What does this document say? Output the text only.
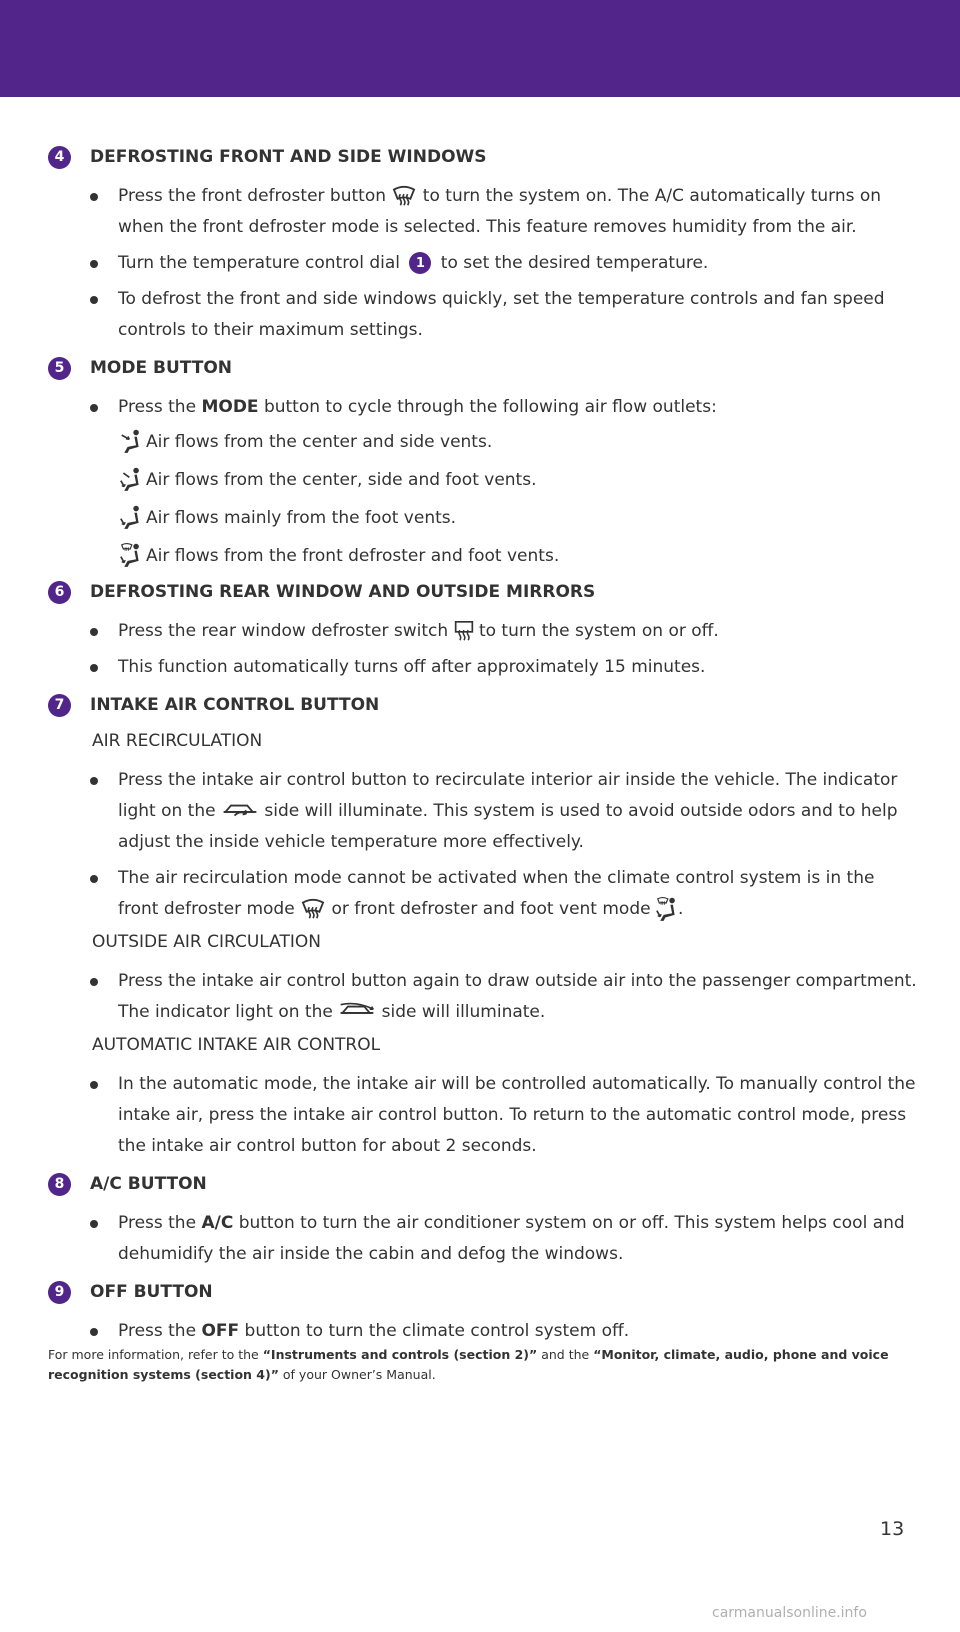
4	DEFROSTING FRONT AND SIDE WINDOWS
Press the front defroster button  to turn the system on. The A/C automatically turns on when the front defroster mode is selected. This feature removes humidity from the air.
Turn the temperature control dial 1 to set the desired temperature.
To defrost the front and side windows quickly, set the temperature controls and fan speed controls to their maximum settings.
5	MODE BUTTON
Press the MODE button to cycle through the following air flow outlets:
Air flows from the center and side vents.
Air flows from the center, side and foot vents.
Air flows mainly from the foot vents.
Air flows from the front defroster and foot vents.
6	DEFROSTING REAR WINDOW AND OUTSIDE MIRRORS
Press the rear window defroster switch  to turn the system on or off.
This function automatically turns off after approximately 15 minutes.
7	INTAKE AIR CONTROL BUTTON
AIR RECIRCULATION
Press the intake air control button to recirculate interior air inside the vehicle. The indicator light on the  side will illuminate. This system is used to avoid outside odors and to help adjust the inside vehicle temperature more effectively.
The air recirculation mode cannot be activated when the climate control system is in the front defroster mode  or front defroster and foot vent mode .
OUTSIDE AIR CIRCULATION
Press the intake air control button again to draw outside air into the passenger compartment. The indicator light on the  side will illuminate.
AUTOMATIC INTAKE AIR CONTROL
In the automatic mode, the intake air will be controlled automatically. To manually control the intake air, press the intake air control button. To return to the automatic control mode, press the intake air control button for about 2 seconds.
8	A/C BUTTON
Press the A/C button to turn the air conditioner system on or off. This system helps cool and dehumidify the air inside the cabin and defog the windows.
9	OFF BUTTON
Press the OFF button to turn the climate control system off.
For more information, refer to the “Instruments and controls (section 2)” and the “Monitor, climate, audio, phone and voice recognition systems (section 4)” of your Owner’s Manual.
13
carmanualsonline.info
